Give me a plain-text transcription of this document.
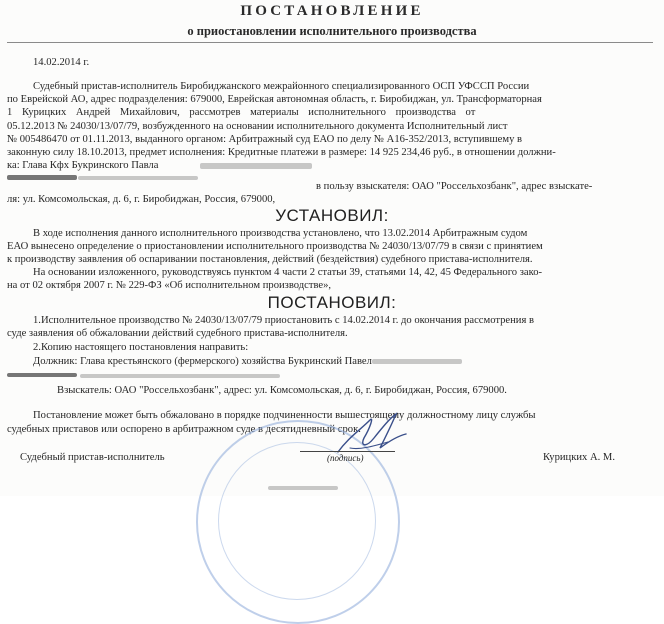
ПОСТАНОВЛЕНИЕ
о приостановлении исполнительного производства
14.02.2014 г.
Судебный пристав-исполнитель Биробиджанского межрайонного специализированного ОСП УФССП России
по Еврейской АО, адрес подразделения: 679000, Еврейская автономная область, г. Биробиджан, ул. Трансформаторная
1 Курицких Андрей Михайлович, рассмотрев материалы исполнительного производства от
05.12.2013 № 24030/13/07/79, возбужденного на основании исполнительного документа Исполнительный лист
№ 005486470 от 01.11.2013, выданного органом: Арбитражный суд ЕАО по делу № А16-352/2013, вступившему в
законную силу 18.10.2013, предмет исполнения: Кредитные платежи в размере: 14 925 234,46 руб., в отношении должни-
ка: Глава Кфх Букринского Павла
в пользу взыскателя: ОАО "Россельхозбанк", адрес взыскате-
ля: ул. Комсомольская, д. 6, г. Биробиджан, Россия, 679000,
УСТАНОВИЛ:
В ходе исполнения данного исполнительного производства установлено, что 13.02.2014 Арбитражным судом
ЕАО вынесено определение о приостановлении исполнительного производства № 24030/13/07/79 в связи с принятием
к производству заявления об оспаривании постановления, действий (бездействия) судебного пристава-исполнителя.
На основании изложенного, руководствуясь пунктом 4 части 2 статьи 39, статьями 14, 42, 45 Федерального зако-
на от 02 октября 2007 г. № 229-ФЗ «Об исполнительном производстве»,
ПОСТАНОВИЛ:
1.Исполнительное производство № 24030/13/07/79 приостановить с 14.02.2014 г. до окончания рассмотрения в
суде заявления об обжаловании действий судебного пристава-исполнителя.
2.Копию настоящего постановления направить:
Должник: Глава крестьянского (фермерского) хозяйства Букринский Павел
Взыскатель: ОАО "Россельхозбанк", адрес: ул. Комсомольская, д. 6, г. Биробиджан, Россия, 679000.
Постановление может быть обжаловано в порядке подчиненности вышестоящему должностному лицу службы
судебных приставов или оспорено в арбитражном суде в десятидневный срок.
Судебный пристав-исполнитель	(подпись)	Курицких А. М.
